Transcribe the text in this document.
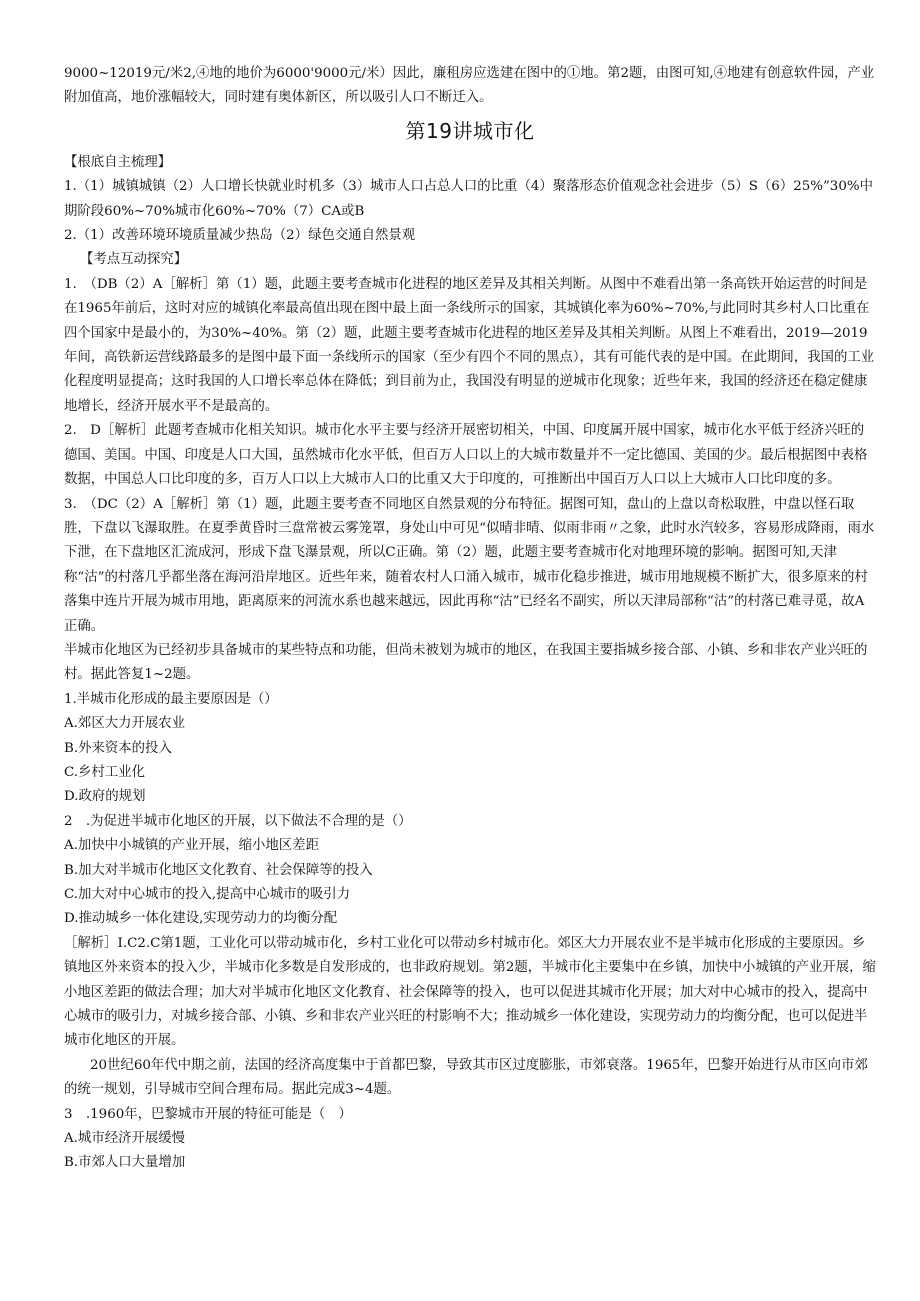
9000~12019元/米2,④地的地价为6000'9000元/米）因此，廉租房应选建在图中的①地。第2题，由图可知,④地建有创意软件园，产业附加值高，地价涨幅较大，同时建有奥体新区，所以吸引人口不断迁入。

第19讲城市化

【根底自主梳理】

1.（1）城镇城镇（2）人口增长快就业时机多（3）城市人口占总人口的比重（4）聚落形态价值观念社会进步（5）S（6）25%”30%中期阶段60%~70%城市化60%~70%（7）CA或B

2.（1）改善环境环境质量减少热岛（2）绿色交通自然景观

【考点互动探究】

1.　（DB（2）A［解析］第（1）题，此题主要考查城市化进程的地区差异及其相关判断。从图中不难看出第一条高铁开始运营的时间是在1965年前后，这时对应的城镇化率最高值出现在图中最上面一条线所示的国家，其城镇化率为60%~70%,与此同时其乡村人口比重在四个国家中是最小的，为30%~40%。第（2）题，此题主要考查城市化进程的地区差异及其相关判断。从图上不难看出，2019—2019年间，高铁新运营线路最多的是图中最下面一条线所示的国家（至少有四个不同的黑点），其有可能代表的是中国。在此期间，我国的工业化程度明显提高；这时我国的人口增长率总体在降低；到目前为止，我国没有明显的逆城市化现象；近些年来，我国的经济还在稳定健康地增长，经济开展水平不是最高的。

2.　D［解析］此题考查城市化相关知识。城市化水平主要与经济开展密切相关，中国、印度属开展中国家，城市化水平低于经济兴旺的德国、美国。中国、印度是人口大国，虽然城市化水平低，但百万人口以上的大城市数量并不一定比德国、美国的少。最后根据图中表格数据，中国总人口比印度的多，百万人口以上大城市人口的比重又大于印度的，可推断出中国百万人口以上大城市人口比印度的多。

3.　（DC（2）A［解析］第（1）题，此题主要考查不同地区自然景观的分布特征。据图可知，盘山的上盘以奇松取胜，中盘以怪石取胜，下盘以飞瀑取胜。在夏季黄昏时三盘常被云雾笼罩，身处山中可见“似晴非晴、似雨非雨〃之象，此时水汽较多，容易形成降雨，雨水下泄，在下盘地区汇流成河，形成下盘飞瀑景观，所以C正确。第（2）题，此题主要考查城市化对地理环境的影响。据图可知,天津称“沽”的村落几乎都坐落在海河沿岸地区。近些年来，随着农村人口涌入城市，城市化稳步推进，城市用地规模不断扩大，很多原来的村落集中连片开展为城市用地，距离原来的河流水系也越来越远，因此再称“沽”已经名不副实，所以天津局部称“沽”的村落已难寻觅，故A正确。

半城市化地区为已经初步具备城市的某些特点和功能，但尚未被划为城市的地区，在我国主要指城乡接合部、小镇、乡和非农产业兴旺的村。据此答复1~2题。

1.半城市化形成的最主要原因是（）

A.郊区大力开展农业

B.外来资本的投入

C.乡村工业化

D.政府的规划

2　.为促进半城市化地区的开展，以下做法不合理的是（）

A.加快中小城镇的产业开展，缩小地区差距

B.加大对半城市化地区文化教育、社会保障等的投入

C.加大对中心城市的投入,提高中心城市的吸引力

D.推动城乡一体化建设,实现劳动力的均衡分配

［解析］I.C2.C第1题，工业化可以带动城市化，乡村工业化可以带动乡村城市化。郊区大力开展农业不是半城市化形成的主要原因。乡镇地区外来资本的投入少，半城市化多数是自发形成的，也非政府规划。第2题，半城市化主要集中在乡镇，加快中小城镇的产业开展，缩小地区差距的做法合理；加大对半城市化地区文化教育、社会保障等的投入，也可以促进其城市化开展；加大对中心城市的投入，提高中心城市的吸引力，对城乡接合部、小镇、乡和非农产业兴旺的村影响不大；推动城乡一体化建设，实现劳动力的均衡分配，也可以促进半城市化地区的开展。

20世纪60年代中期之前，法国的经济高度集中于首都巴黎，导致其市区过度膨胀，市郊衰落。1965年，巴黎开始进行从市区向市郊的统一规划，引导城市空间合理布局。据此完成3~4题。

3　.1960年，巴黎城市开展的特征可能是（　）

A.城市经济开展缓慢

B.市郊人口大量增加
